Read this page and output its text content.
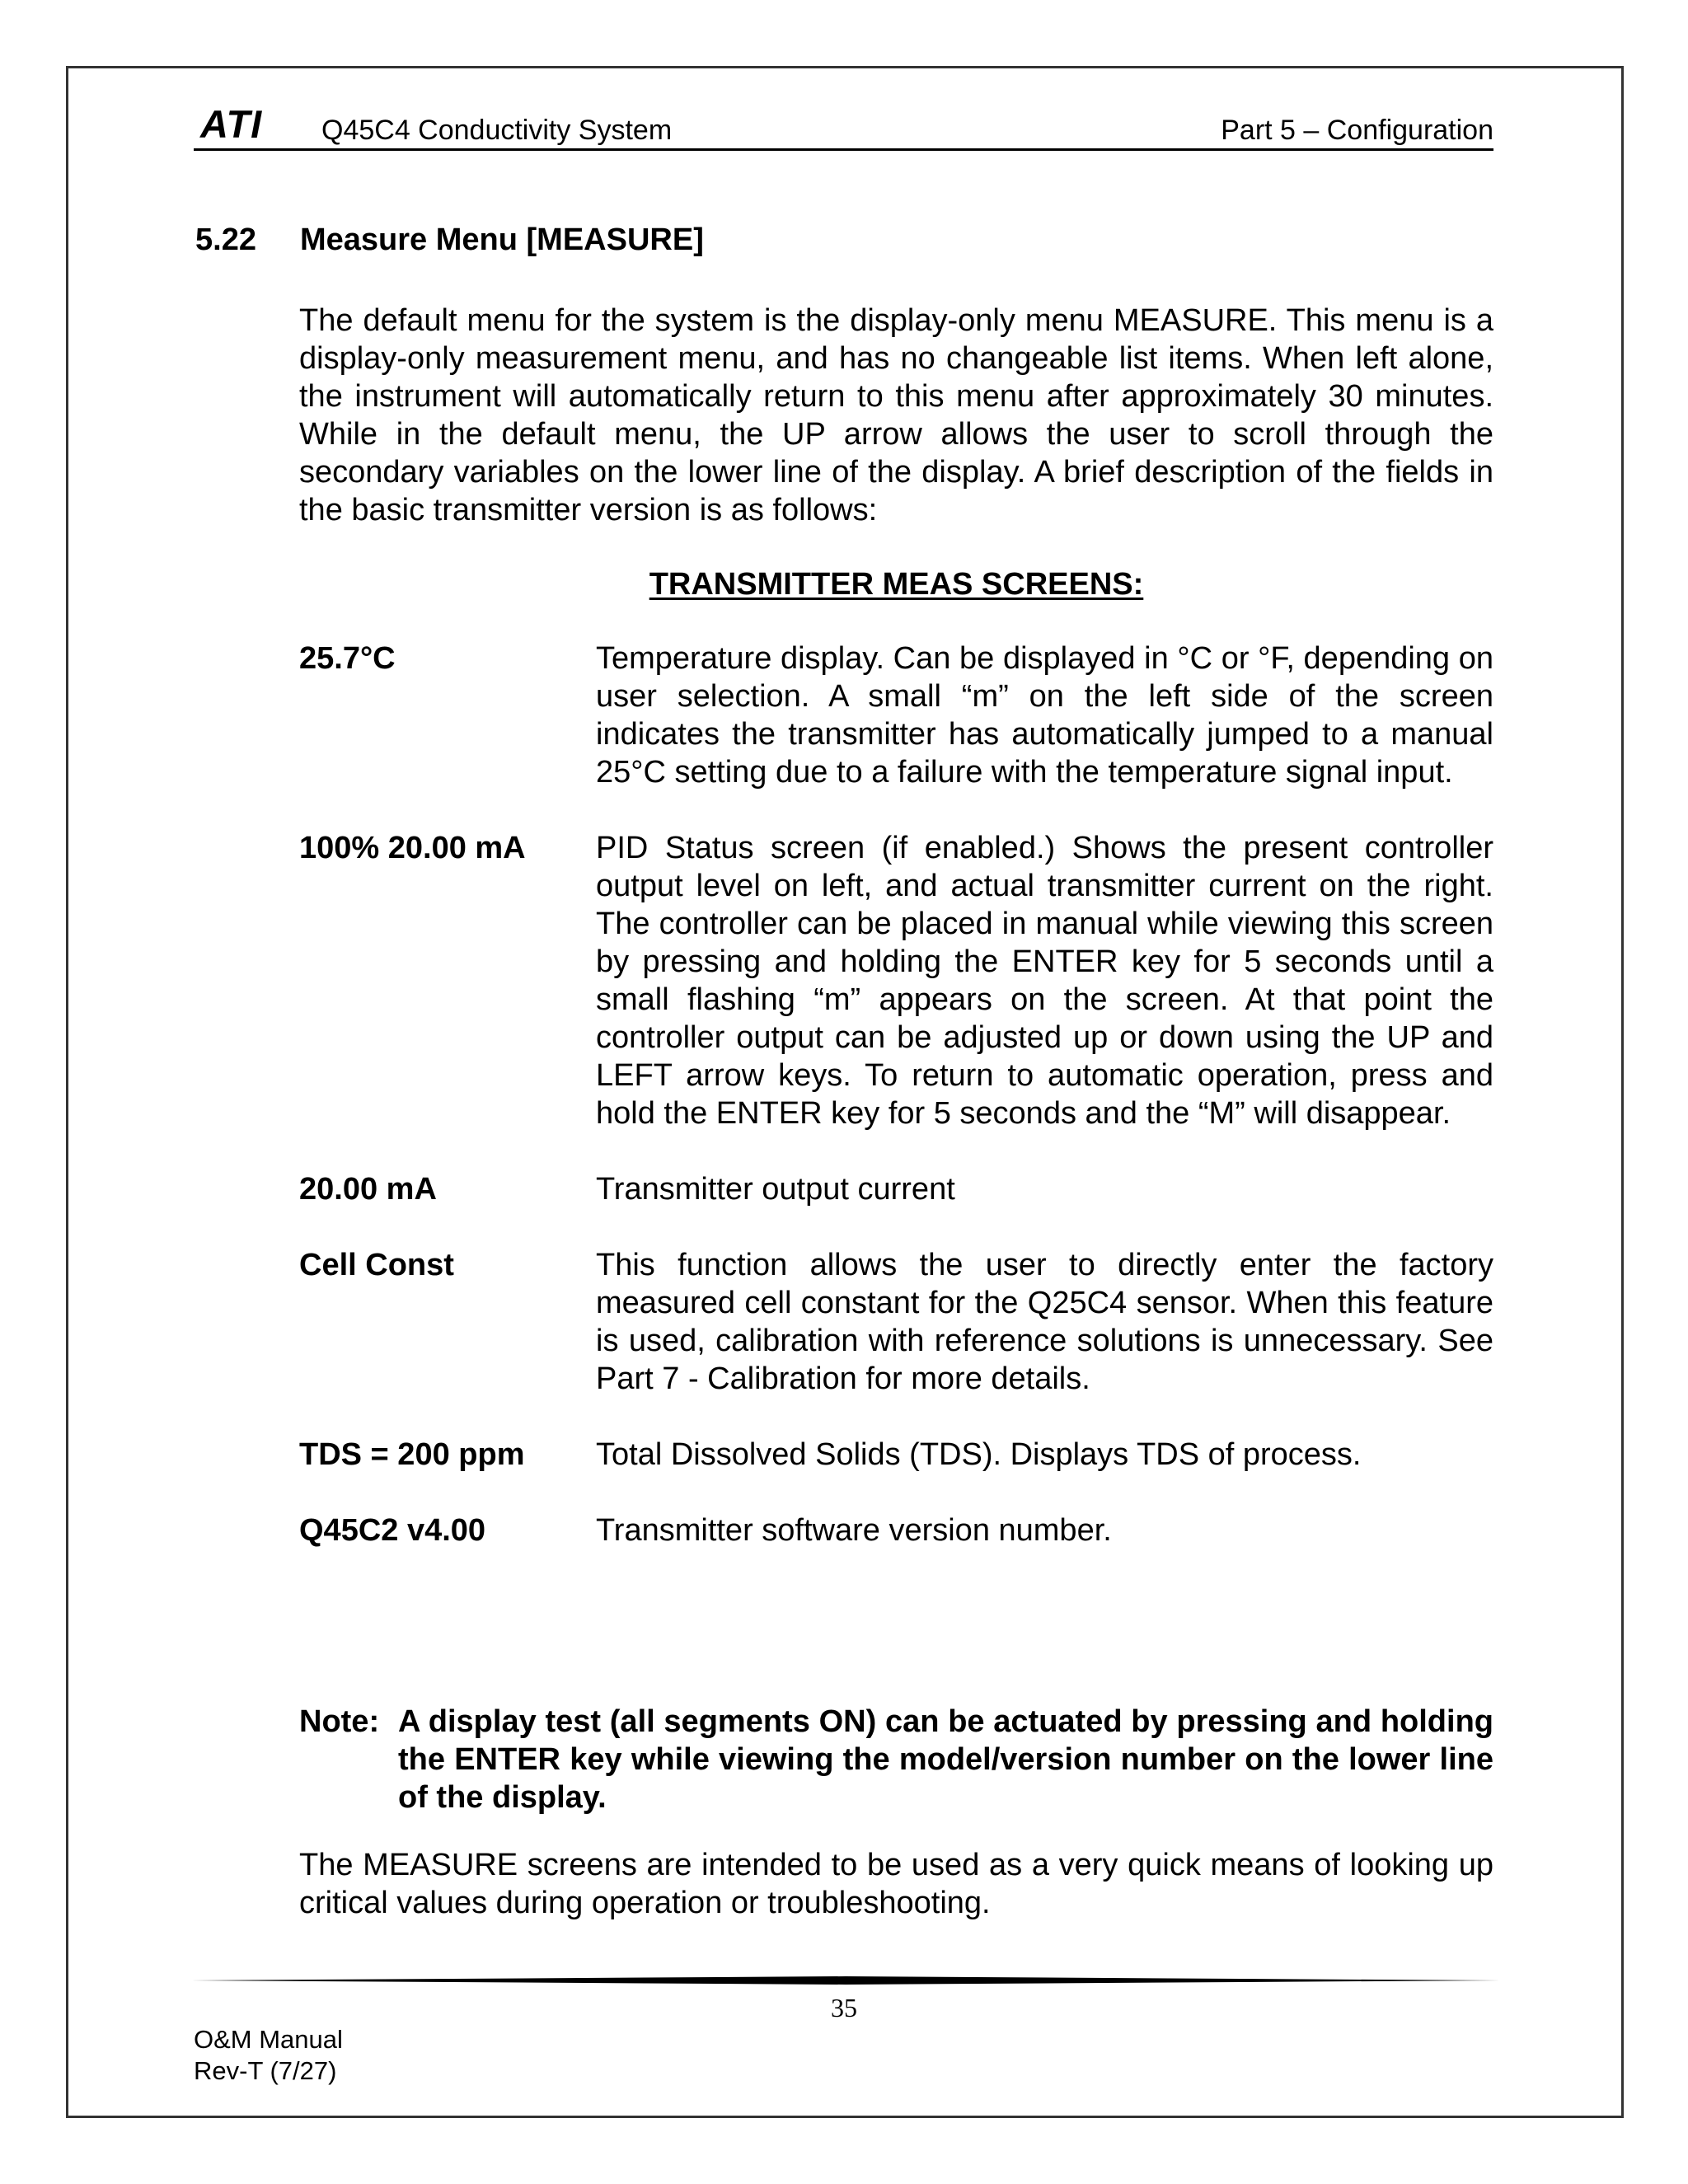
ATI Q45C4 Conductivity System	Part 5 – Configuration
5.22 Measure Menu [MEASURE]

The default menu for the system is the display-only menu MEASURE. This menu is a display-only measurement menu, and has no changeable list items. When left alone, the instrument will automatically return to this menu after approximately 30 minutes. While in the default menu, the UP arrow allows the user to scroll through the secondary variables on the lower line of the display. A brief description of the fields in the basic transmitter version is as follows:

TRANSMITTER MEAS SCREENS:
25.7°C	Temperature display. Can be displayed in °C or °F, depending on user selection. A small “m” on the left side of the screen indicates the transmitter has automatically jumped to a manual 25°C setting due to a failure with the temperature signal input.
100% 20.00 mA	PID Status screen (if enabled.) Shows the present controller output level on left, and actual transmitter current on the right. The controller can be placed in manual while viewing this screen by pressing and holding the ENTER key for 5 seconds until a small flashing “m” appears on the screen. At that point the controller output can be adjusted up or down using the UP and LEFT arrow keys. To return to automatic operation, press and hold the ENTER key for 5 seconds and the “M” will disappear.
20.00 mA	Transmitter output current
Cell Const	This function allows the user to directly enter the factory measured cell constant for the Q25C4 sensor. When this feature is used, calibration with reference solutions is unnecessary. See Part 7 - Calibration for more details.
TDS = 200 ppm	Total Dissolved Solids (TDS). Displays TDS of process.
Q45C2 v4.00	Transmitter software version number.
Note: A display test (all segments ON) can be actuated by pressing and holding the ENTER key while viewing the model/version number on the lower line of the display.

The MEASURE screens are intended to be used as a very quick means of looking up critical values during operation or troubleshooting.

35
O&M Manual
Rev-T (7/27)
